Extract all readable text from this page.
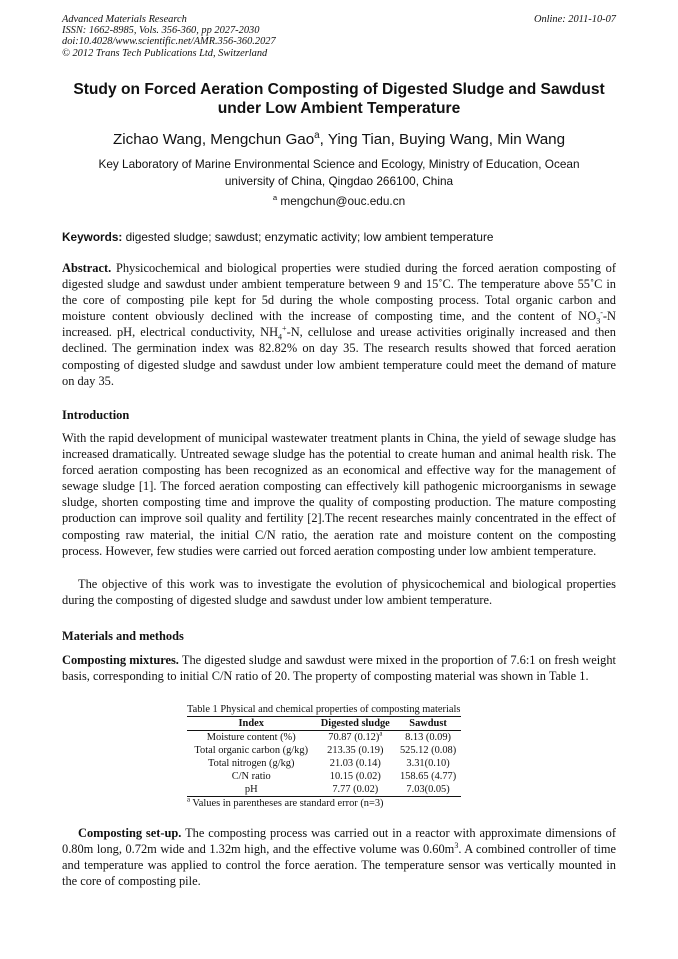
Advanced Materials Research
ISSN: 1662-8985, Vols. 356-360, pp 2027-2030
doi:10.4028/www.scientific.net/AMR.356-360.2027
© 2012 Trans Tech Publications Ltd, Switzerland
Online: 2011-10-07
Study on Forced Aeration Composting of Digested Sludge and Sawdust
under Low Ambient Temperature
Zichao Wang, Mengchun Gao$^a$, Ying Tian, Buying Wang, Min Wang
Key Laboratory of Marine Environmental Science and Ecology, Ministry of Education, Ocean
university of China, Qingdao 266100, China
$^a$ mengchun@ouc.edu.cn
Keywords: digested sludge; sawdust; enzymatic activity; low ambient temperature
Abstract. Physicochemical and biological properties were studied during the forced aeration composting of digested sludge and sawdust under ambient temperature between 9 and 15˚C. The temperature above 55˚C in the core of composting pile kept for 5d during the whole composting process. Total organic carbon and moisture content obviously declined with the increase of composting time, and the content of $NO_3^--N$ increased. pH, electrical conductivity, $NH_4^+-N$, cellulose and urease activities originally increased and then declined. The germination index was 82.82% on day 35. The research results showed that forced aeration composting of digested sludge and sawdust under low ambient temperature could meet the demand of mature on day 35.
Introduction
With the rapid development of municipal wastewater treatment plants in China, the yield of sewage sludge has increased dramatically. Untreated sewage sludge has the potential to create human and animal health risk. The forced aeration composting has been recognized as an economical and effective way for the management of sewage sludge [1]. The forced aeration composting can effectively kill pathogenic microorganisms in sewage sludge, shorten composting time and improve the quality of composting production. The mature composting production can improve soil quality and fertility [2].The recent researches mainly concentrated in the effect of composting raw material, the initial C/N ratio, the aeration rate and moisture content on the composting process. However, few studies were carried out forced aeration composting under low ambient temperature.
The objective of this work was to investigate the evolution of physicochemical and biological properties during the composting of digested sludge and sawdust under low ambient temperature.
Materials and methods
Composting mixtures. The digested sludge and sawdust were mixed in the proportion of 7.6:1 on fresh weight basis, corresponding to initial C/N ratio of 20. The property of composting material was shown in Table 1.
Table 1 Physical and chemical properties of composting materials
Index	Digested sludge	Sawdust
Moisture content (%)	70.87 $(0.12)^a$	8.13 (0.09)
Total organic carbon (g/kg)	213.35 (0.19)	525.12 (0.08)
Total nitrogen (g/kg)	21.03 (0.14)	3.31(0.10)
C/N ratio	10.15 (0.02)	158.65 (4.77)
pH	7.77 (0.02)	7.03(0.05)
$^a$ Values in parentheses are standard error (n=3)
Composting set-up. The composting process was carried out in a reactor with approximate dimensions of 0.80m long, 0.72m wide and 1.32m high, and the effective volume was $0.60m^3$. A combined controller of time and temperature was applied to control the force aeration. The temperature sensor was vertically mounted in the core of composting pile.
